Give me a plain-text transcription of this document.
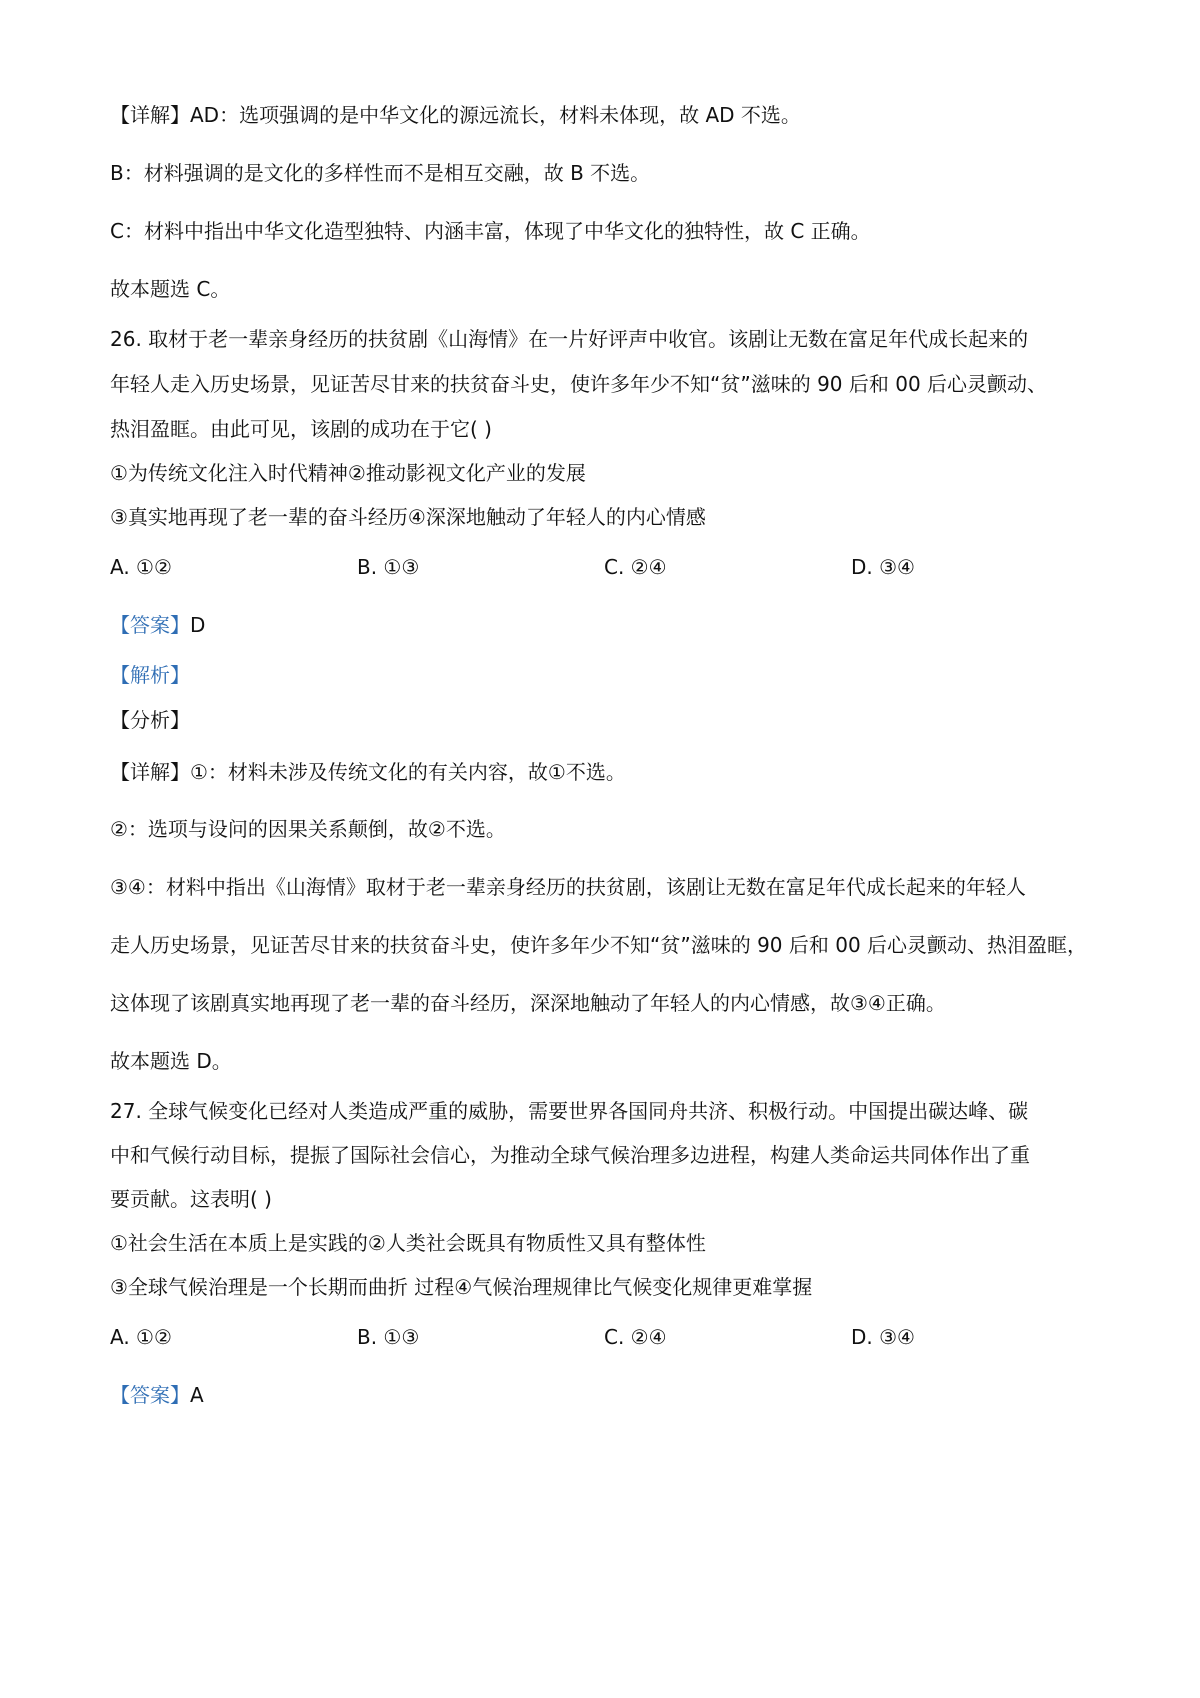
【详解】AD：选项强调的是中华文化的源远流长，材料未体现，故 AD 不选。
B：材料强调的是文化的多样性而不是相互交融，故 B 不选。
C：材料中指出中华文化造型独特、内涵丰富，体现了中华文化的独特性，故 C 正确。
故本题选 C。
26. 取材于老一辈亲身经历的扶贫剧《山海情》在一片好评声中收官。该剧让无数在富足年代成长起来的
年轻人走入历史场景，见证苦尽甘来的扶贫奋斗史，使许多年少不知“贫”滋味的 90 后和 00 后心灵颤动、
热泪盈眶。由此可见，该剧的成功在于它( )
①为传统文化注入时代精神②推动影视文化产业的发展
③真实地再现了老一辈的奋斗经历④深深地触动了年轻人的内心情感
A. ①②	B. ①③	C. ②④	D. ③④
【答案】D
【解析】
【分析】
【详解】①：材料未涉及传统文化的有关内容，故①不选。
②：选项与设问的因果关系颠倒，故②不选。
③④：材料中指出《山海情》取材于老一辈亲身经历的扶贫剧，该剧让无数在富足年代成长起来的年轻人
走人历史场景，见证苦尽甘来的扶贫奋斗史，使许多年少不知“贫”滋味的 90 后和 00 后心灵颤动、热泪盈眶，
这体现了该剧真实地再现了老一辈的奋斗经历，深深地触动了年轻人的内心情感，故③④正确。
故本题选 D。
27. 全球气候变化已经对人类造成严重的威胁，需要世界各国同舟共济、积极行动。中国提出碳达峰、碳
中和气候行动目标，提振了国际社会信心，为推动全球气候治理多边进程，构建人类命运共同体作出了重
要贡献。这表明( )
①社会生活在本质上是实践的②人类社会既具有物质性又具有整体性
③全球气候治理是一个长期而曲折 过程④气候治理规律比气候变化规律更难掌握
A. ①②	B. ①③	C. ②④	D. ③④
【答案】A
